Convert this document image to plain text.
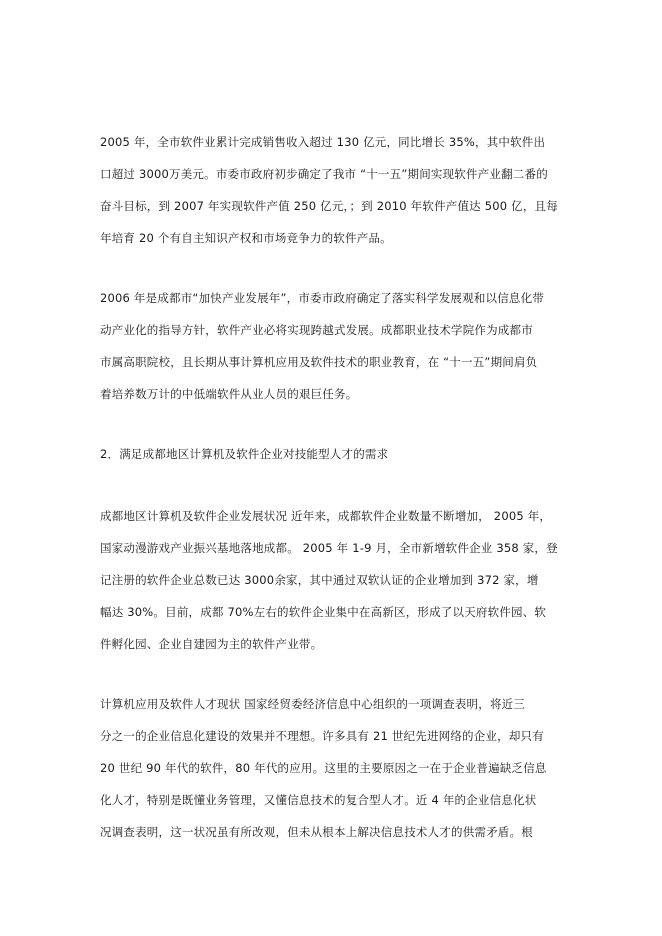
2005 年，全市软件业累计完成销售收入超过 130 亿元，同比增长 35%，其中软件出

口超过 3000万美元。市委市政府初步确定了我市 “十一五”期间实现软件产业翻二番的

奋斗目标，到 2007 年实现软件产值 250 亿元，；到 2010 年软件产值达 500 亿，且每

年培育 20 个有自主知识产权和市场竞争力的软件产品。

2006 年是成都市“加快产业发展年”，市委市政府确定了落实科学发展观和以信息化带

动产业化的指导方针，软件产业必将实现跨越式发展。成都职业技术学院作为成都市

市属高职院校，且长期从事计算机应用及软件技术的职业教育，在 “十一五”期间肩负

着培养数万计的中低端软件从业人员的艰巨任务。

2．满足成都地区计算机及软件企业对技能型人才的需求

成都地区计算机及软件企业发展状况 近年来，成都软件企业数量不断增加， 2005 年，

国家动漫游戏产业振兴基地落地成都。 2005 年 1-9 月，全市新增软件企业 358 家，登

记注册的软件企业总数已达 3000余家，其中通过双软认证的企业增加到 372 家，增

幅达 30%。目前，成都 70%左右的软件企业集中在高新区，形成了以天府软件园、软

件孵化园、企业自建园为主的软件产业带。

计算机应用及软件人才现状 国家经贸委经济信息中心组织的一项调查表明，将近三

分之一的企业信息化建设的效果并不理想。许多具有 21 世纪先进网络的企业，却只有

20 世纪 90 年代的软件，80 年代的应用。这里的主要原因之一在于企业普遍缺乏信息

化人才，特别是既懂业务管理，又懂信息技术的复合型人才。近 4 年的企业信息化状

况调查表明，这一状况虽有所改观，但未从根本上解决信息技术人才的供需矛盾。根
